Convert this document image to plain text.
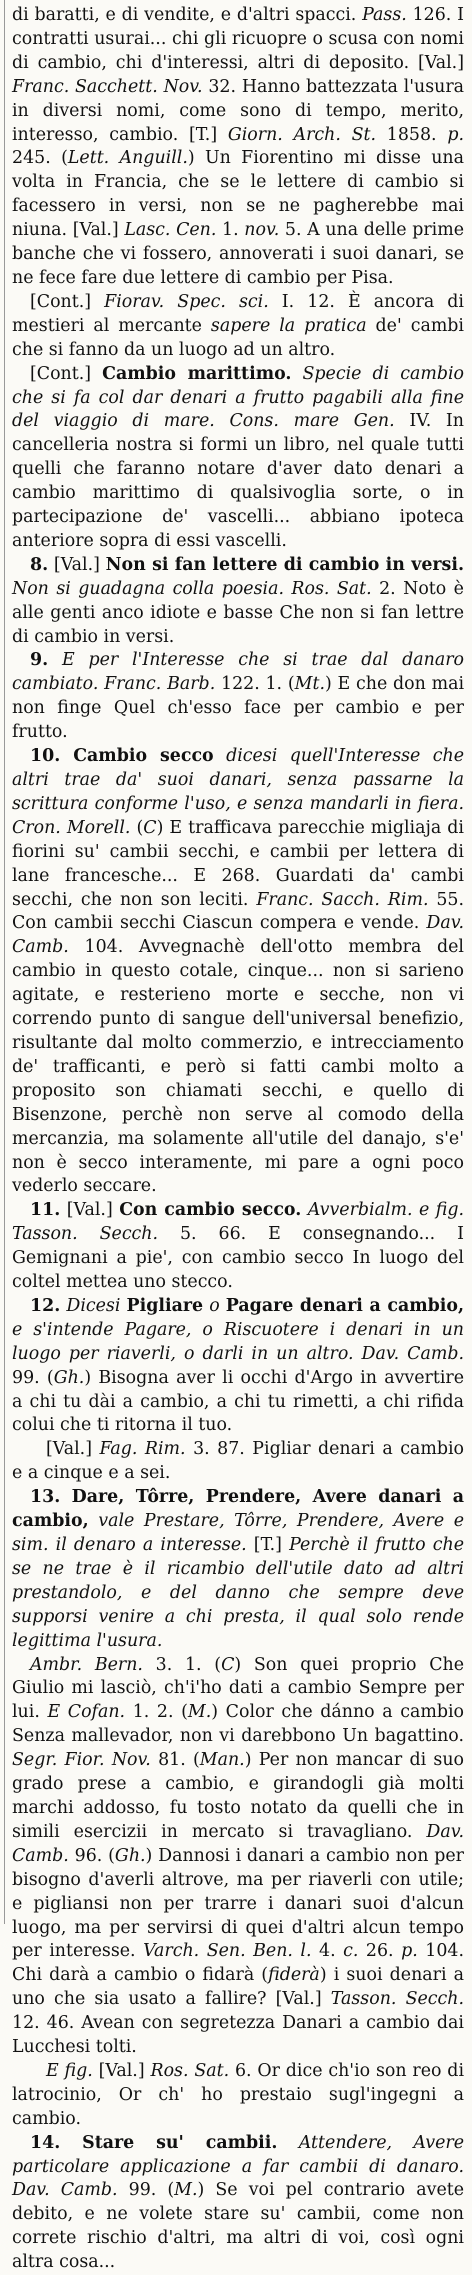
di baratti, e di vendite, e d'altri spacci. Pass. 126. I contratti usurai... chi gli ricuopre o scusa con nomi di cambio, chi d'interessi, altri di deposito. [Val.] Franc. Sacchett. Nov. 32. Hanno battezzata l'usura in diversi nomi, come sono di tempo, merito, interesso, cambio. [T.] Giorn. Arch. St. 1858. p. 245. (Lett. Anguill.) Un Fiorentino mi disse una volta in Francia, che se le lettere di cambio si facessero in versi, non se ne pagherebbe mai niuna. [Val.] Lasc. Cen. 1. nov. 5. A una delle prime banche che vi fossero, annoverati i suoi danari, se ne fece fare due lettere di cambio per Pisa.

[Cont.] Fiorav. Spec. sci. I. 12. È ancora di mestieri al mercante sapere la pratica de' cambi che si fanno da un luogo ad un altro.

[Cont.] Cambio marittimo. Specie di cambio che si fa col dar denari a frutto pagabili alla fine del viaggio di mare. Cons. mare Gen. IV. In cancelleria nostra si formi un libro, nel quale tutti quelli che faranno notare d'aver dato denari a cambio marittimo di qualsivoglia sorte, o in partecipazione de' vascelli... abbiano ipoteca anteriore sopra di essi vascelli.

8. [Val.] Non si fan lettere di cambio in versi. Non si guadagna colla poesia. Ros. Sat. 2. Noto è alle genti anco idiote e basse Che non si fan lettre di cambio in versi.

9. E per l'Interesse che si trae dal danaro cambiato. Franc. Barb. 122. 1. (Mt.) E che don mai non finge Quel ch'esso face per cambio e per frutto.

10. Cambio secco dicesi quell'Interesse che altri trae da' suoi danari, senza passarne la scrittura conforme l'uso, e senza mandarli in fiera. Cron. Morell. (C) E trafficava parecchie migliaja di fiorini su' cambii secchi, e cambii per lettera di lane francesche... E 268. Guardati da' cambi secchi, che non son leciti. Franc. Sacch. Rim. 55. Con cambii secchi Ciascun compera e vende. Dav. Camb. 104. Avvegnachè dell'otto membra del cambio in questo cotale, cinque... non si sarieno agitate, e resterieno morte e secche, non vi correndo punto di sangue dell'universal benefizio, risultante dal molto commerzio, e intrecciamento de' trafficanti, e però si fatti cambi molto a proposito son chiamati secchi, e quello di Bisenzone, perchè non serve al comodo della mercanzia, ma solamente all'utile del danajo, s'e' non è secco interamente, mi pare a ogni poco vederlo seccare.

11. [Val.] Con cambio secco. Avverbialm. e fig. Tasson. Secch. 5. 66. E consegnando... I Gemignani a pie', con cambio secco In luogo del coltel mettea uno stecco.

12. Dicesi Pigliare o Pagare denari a cambio, e s'intende Pagare, o Riscuotere i denari in un luogo per riaverli, o darli in un altro. Dav. Camb. 99. (Gh.) Bisogna aver li occhi d'Argo in avvertire a chi tu dài a cambio, a chi tu rimetti, a chi rifida colui che ti ritorna il tuo.

[Val.] Fag. Rim. 3. 87. Pigliar denari a cambio e a cinque e a sei.

13. Dare, Tôrre, Prendere, Avere danari a cambio, vale Prestare, Tôrre, Prendere, Avere e sim. il denaro a interesse. [T.] Perchè il frutto che se ne trae è il ricambio dell'utile dato ad altri prestandolo, e del danno che sempre deve supporsi venire a chi presta, il qual solo rende legittima l'usura.

Ambr. Bern. 3. 1. (C) Son quei proprio Che Giulio mi lasciò, ch'i'ho dati a cambio Sempre per lui. E Cofan. 1. 2. (M.) Color che dánno a cambio Senza mallevador, non vi darebbono Un bagattino. Segr. Fior. Nov. 81. (Man.) Per non mancar di suo grado prese a cambio, e girandogli già molti marchi addosso, fu tosto notato da quelli che in simili esercizii in mercato si travagliano. Dav. Camb. 96. (Gh.) Dannosi i danari a cambio non per bisogno d'averli altrove, ma per riaverli con utile; e pigliansi non per trarre i danari suoi d'alcun luogo, ma per servirsi di quei d'altri alcun tempo per interesse. Varch. Sen. Ben. l. 4. c. 26. p. 104. Chi darà a cambio o fidarà (fiderà) i suoi denari a uno che sia usato a fallire? [Val.] Tasson. Secch. 12. 46. Avean con segretezza Danari a cambio dai Lucchesi tolti.

E fig. [Val.] Ros. Sat. 6. Or dice ch'io son reo di latrocinio, Or ch' ho prestaio sugl'ingegni a cambio.

14. Stare su' cambii. Attendere, Avere particolare applicazione a far cambii di danaro. Dav. Camb. 99. (M.) Se voi pel contrario avete debito, e ne volete stare su' cambii, come non correte rischio d'altri, ma altri di voi, così ogni altra cosa...
